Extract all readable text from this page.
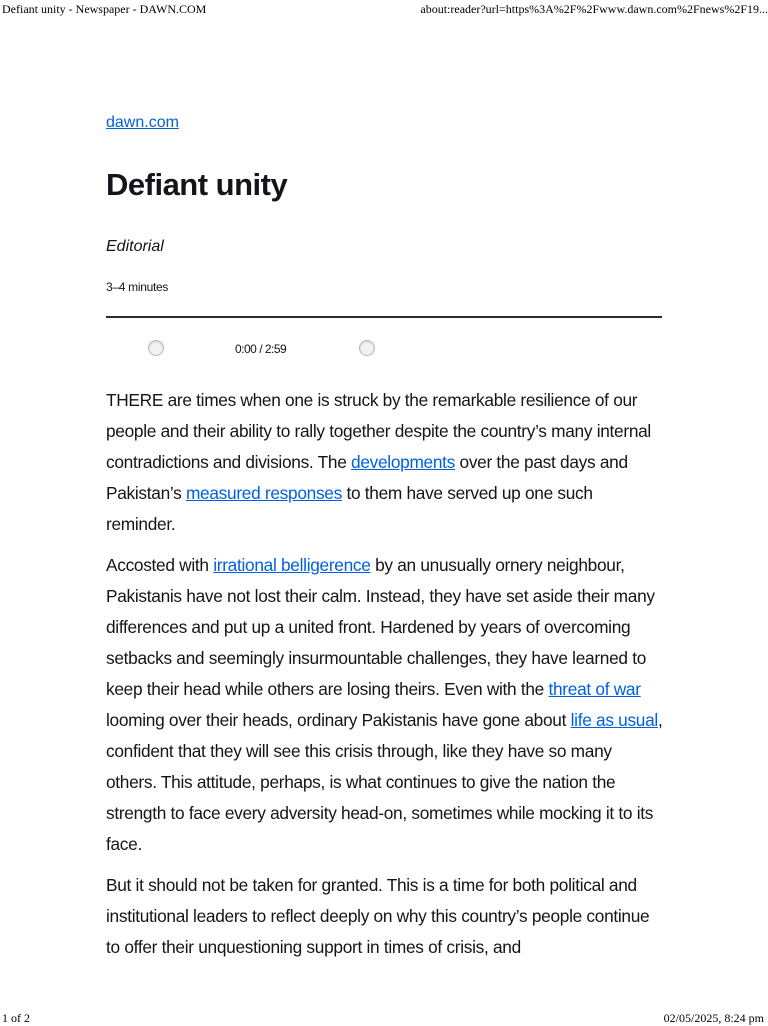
Defiant unity - Newspaper - DAWN.COM	about:reader?url=https%3A%2F%2Fwww.dawn.com%2Fnews%2F19...
dawn.com
Defiant unity
Editorial
3–4 minutes
0:00 / 2:59

THERE are times when one is struck by the remarkable resilience of our people and their ability to rally together despite the country’s many internal contradictions and divisions. The developments over the past days and Pakistan’s measured responses to them have served up one such reminder.

Accosted with irrational belligerence by an unusually ornery neighbour, Pakistanis have not lost their calm. Instead, they have set aside their many differences and put up a united front. Hardened by years of overcoming setbacks and seemingly insurmountable challenges, they have learned to keep their head while others are losing theirs. Even with the threat of war looming over their heads, ordinary Pakistanis have gone about life as usual, confident that they will see this crisis through, like they have so many others. This attitude, perhaps, is what continues to give the nation the strength to face every adversity head-on, sometimes while mocking it to its face.

But it should not be taken for granted. This is a time for both political and institutional leaders to reflect deeply on why this country’s people continue to offer their unquestioning support in times of crisis, and

1 of 2	02/05/2025, 8:24 pm
